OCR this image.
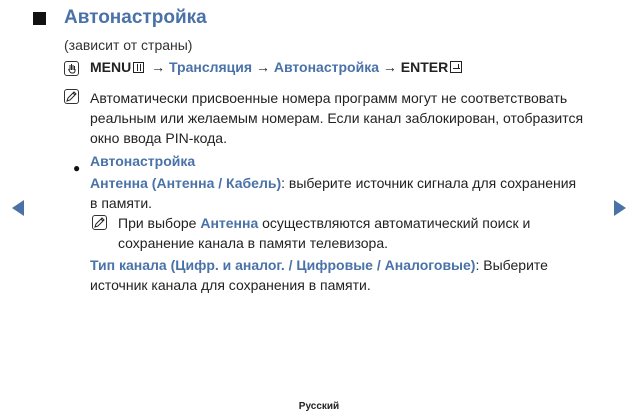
Автонастройка
(зависит от страны)
MENU → Трансляция → Автонастройка → ENTER
Автоматически присвоенные номера программ могут не соответствовать
реальным или желаемым номерам. Если канал заблокирован, отобразится
окно ввода PIN-кода.
● Автонастройка
Антенна (Антенна / Кабель): выберите источник сигнала для сохранения
в памяти.
При выборе Антенна осуществляются автоматический поиск и
сохранение канала в памяти телевизора.
Тип канала (Цифр. и аналог. / Цифровые / Аналоговые): Выберите
источник канала для сохранения в памяти.
Русский
